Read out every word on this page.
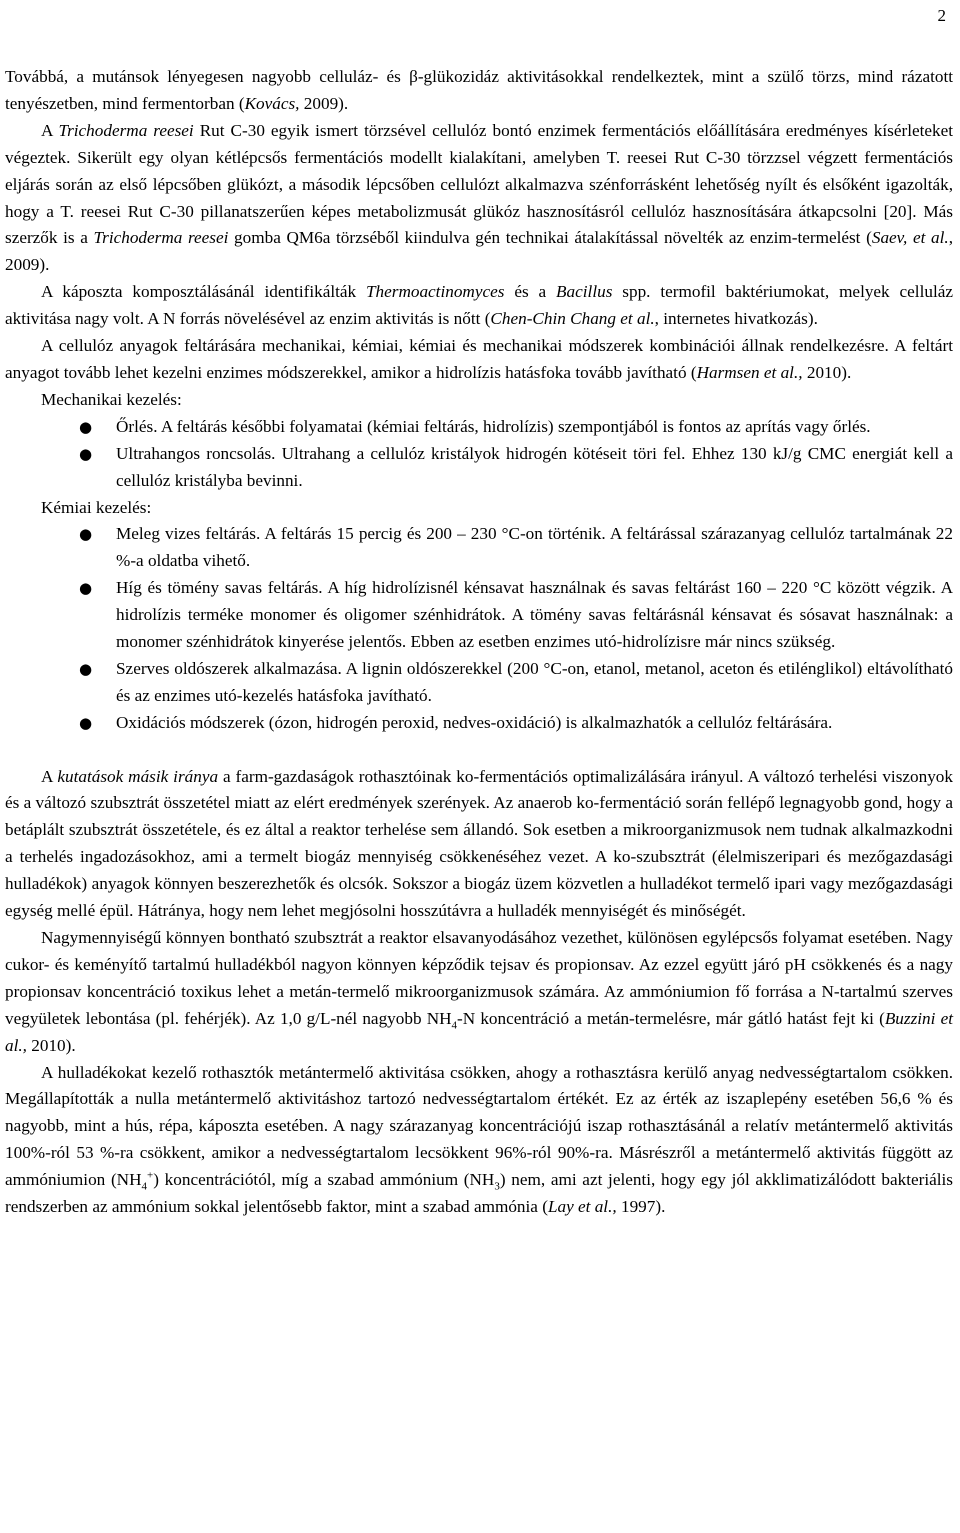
2

Továbbá, a mutánsok lényegesen nagyobb celluláz- és β-glükozidáz aktivitásokkal rendelkeztek, mint a szülő törzs, mind rázatott tenyészetben, mind fermentorban (Kovács, 2009).

A Trichoderma reesei Rut C-30 egyik ismert törzsével cellulóz bontó enzimek fermentációs előállítására eredményes kísérleteket végeztek. Sikerült egy olyan kétlépcsős fermentációs modellt kialakítani, amelyben T. reesei Rut C-30 törzzsel végzett fermentációs eljárás során az első lépcsőben glükózt, a második lépcsőben cellulózt alkalmazva szénforrásként lehetőség nyílt és elsőként igazolták, hogy a T. reesei Rut C-30 pillanatszerűen képes metabolizmusát glükóz hasznosításról cellulóz hasznosítására átkapcsolni [20]. Más szerzők is a Trichoderma reesei gomba QM6a törzséből kiindulva gén technikai átalakítással növelték az enzim-termelést (Saev, et al., 2009).

A káposzta komposztálásánál identifikálták Thermoactinomyces és a Bacillus spp. termofil baktériumokat, melyek celluláz aktivitása nagy volt. A N forrás növelésével az enzim aktivitás is nőtt (Chen-Chin Chang et al., internetes hivatkozás).

A cellulóz anyagok feltárására mechanikai, kémiai, kémiai és mechanikai módszerek kombinációi állnak rendelkezésre. A feltárt anyagot tovább lehet kezelni enzimes módszerekkel, amikor a hidrolízis hatásfoka tovább javítható (Harmsen et al., 2010).

Mechanikai kezelés:

● Őrlés. A feltárás későbbi folyamatai (kémiai feltárás, hidrolízis) szempontjából is fontos az aprítás vagy őrlés.
● Ultrahangos roncsolás. Ultrahang a cellulóz kristályok hidrogén kötéseit töri fel. Ehhez 130 kJ/g CMC energiát kell a cellulóz kristályba bevinni.

Kémiai kezelés:

● Meleg vizes feltárás. A feltárás 15 percig és 200 – 230 °C-on történik. A feltárással szárazanyag cellulóz tartalmának 22 %-a oldatba vihető.
● Híg és tömény savas feltárás. A híg hidrolízisnél kénsavat használnak és savas feltárást 160 – 220 °C között végzik. A hidrolízis terméke monomer és oligomer szénhidrátok. A tömény savas feltárásnál kénsavat és sósavat használnak: a monomer szénhidrátok kinyerése jelentős. Ebben az esetben enzimes utó-hidrolízisre már nincs szükség.
● Szerves oldószerek alkalmazása. A lignin oldószerekkel (200 °C-on, etanol, metanol, aceton és etilénglikol) eltávolítható és az enzimes utó-kezelés hatásfoka javítható.
● Oxidációs módszerek (ózon, hidrogén peroxid, nedves-oxidáció) is alkalmazhatók a cellulóz feltárására.

A kutatások másik iránya a farm-gazdaságok rothasztóinak ko-fermentációs optimalizálására irányul. A változó terhelési viszonyok és a változó szubsztrát összetétel miatt az elért eredmények szerények. Az anaerob ko-fermentáció során fellépő legnagyobb gond, hogy a betáplált szubsztrát összetétele, és ez által a reaktor terhelése sem állandó. Sok esetben a mikroorganizmusok nem tudnak alkalmazkodni a terhelés ingadozásokhoz, ami a termelt biogáz mennyiség csökkenéséhez vezet. A ko-szubsztrát (élelmiszeripari és mezőgazdasági hulladékok) anyagok könnyen beszerezhetők és olcsók. Sokszor a biogáz üzem közvetlen a hulladékot termelő ipari vagy mezőgazdasági egység mellé épül. Hátránya, hogy nem lehet megjósolni hosszútávra a hulladék mennyiségét és minőségét.

Nagymennyiségű könnyen bontható szubsztrát a reaktor elsavanyodásához vezethet, különösen egylépcsős folyamat esetében. Nagy cukor- és keményítő tartalmú hulladékból nagyon könnyen képződik tejsav és propionsav. Az ezzel együtt járó pH csökkenés és a nagy propionsav koncentráció toxikus lehet a metán-termelő mikroorganizmusok számára. Az ammóniumion fő forrása a N-tartalmú szerves vegyületek lebontása (pl. fehérjék). Az 1,0 g/L-nél nagyobb $NH_4-N$ koncentráció a metán-termelésre, már gátló hatást fejt ki (Buzzini et al., 2010).

A hulladékokat kezelő rothasztók metántermelő aktivitása csökken, ahogy a rothasztásra kerülő anyag nedvességtartalom csökken. Megállapították a nulla metántermelő aktivitáshoz tartozó nedvességtartalom értékét. Ez az érték az iszaplepény esetében 56,6 % és nagyobb, mint a hús, répa, káposzta esetében. A nagy szárazanyag koncentrációjú iszap rothasztásánál a relatív metántermelő aktivitás 100%-ról 53 %-ra csökkent, amikor a nedvességtartalom lecsökkent 96%-ról 90%-ra. Másrészről a metántermelő aktivitás függött az ammóniumion $(NH_4^+)$ koncentrációtól, míg a szabad ammónium $(NH_3)$ nem, ami azt jelenti, hogy egy jól akklimatizálódott bakteriális rendszerben az ammónium sokkal jelentősebb faktor, mint a szabad ammónia (Lay et al., 1997).
